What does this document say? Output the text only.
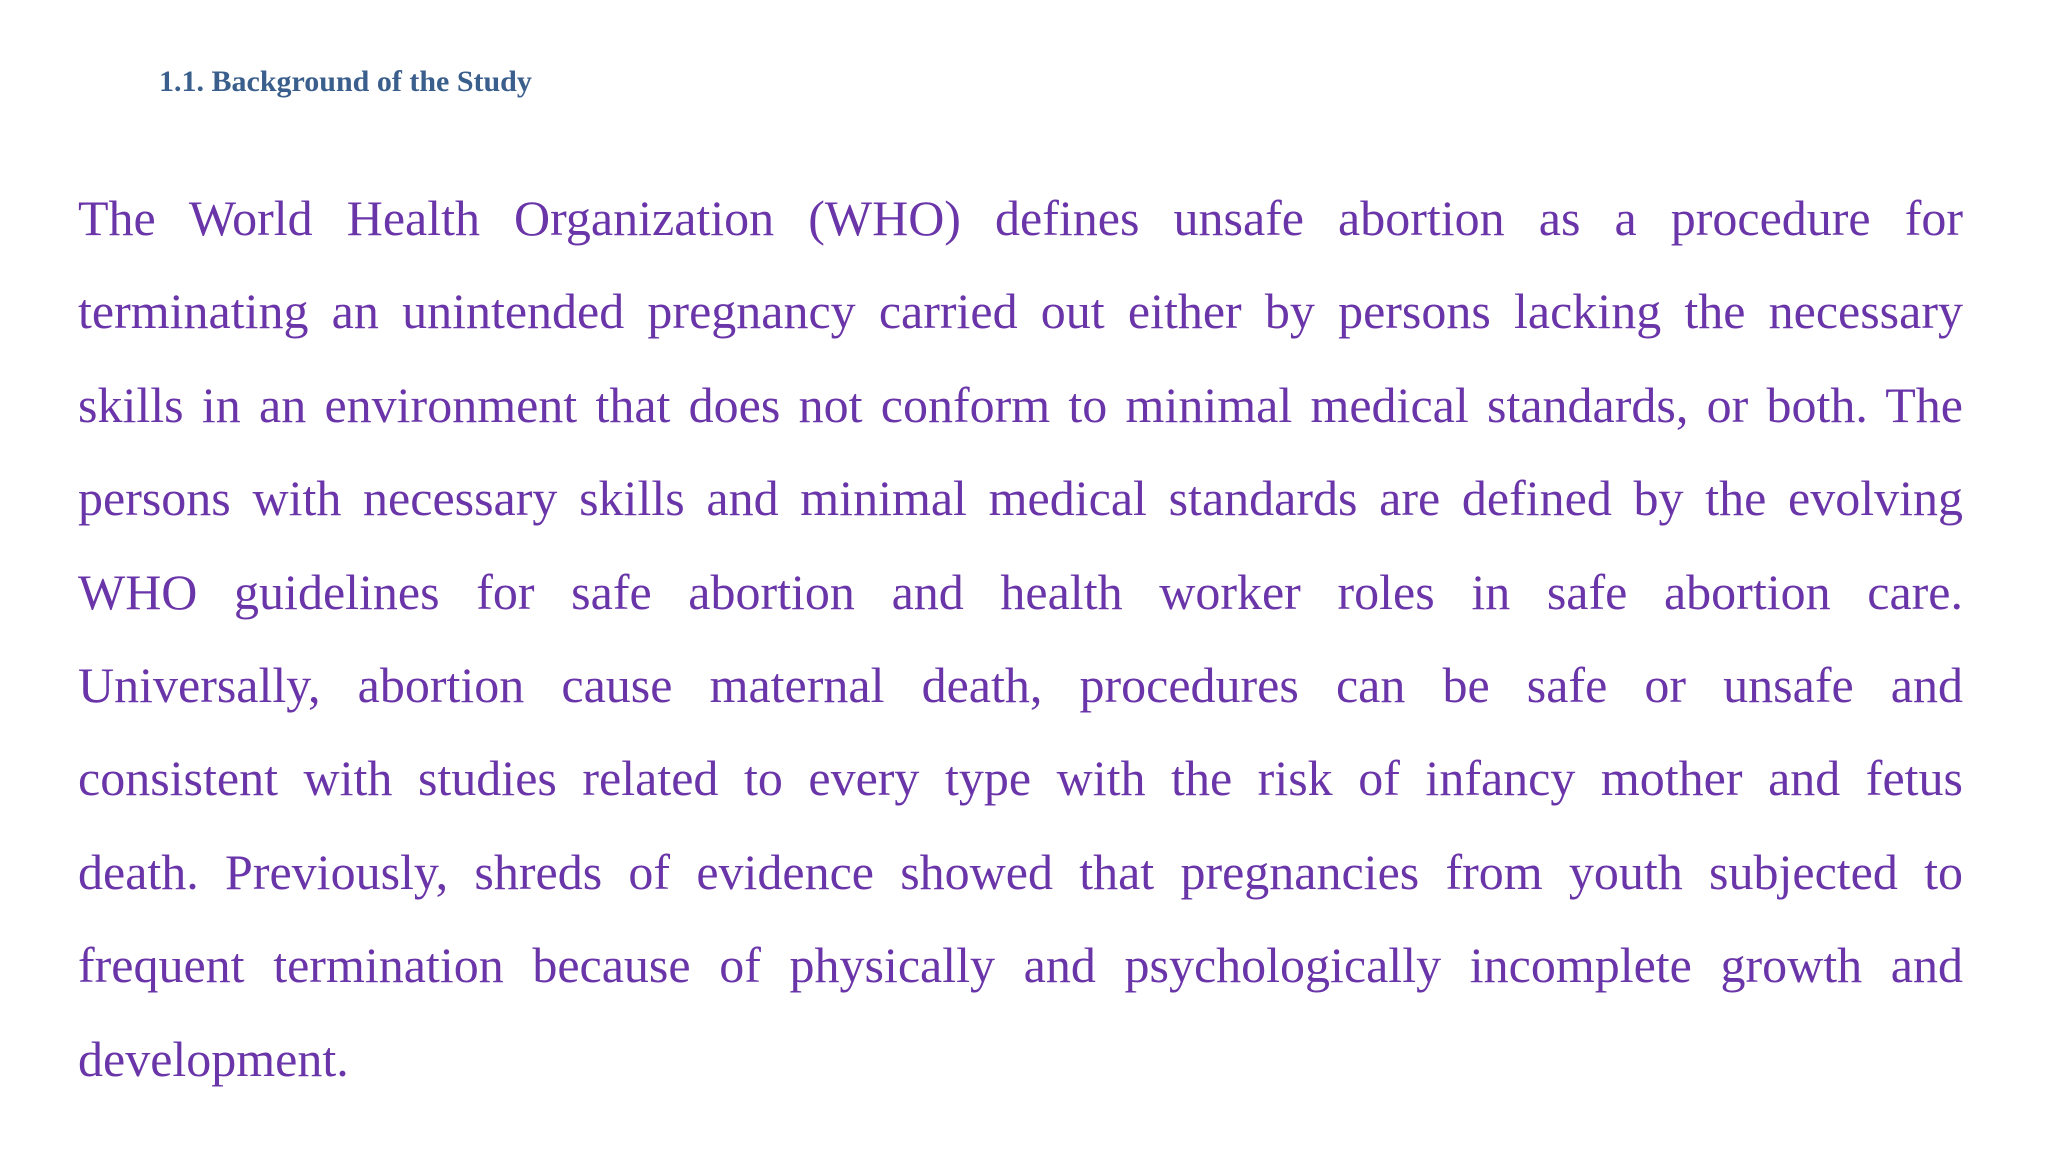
1.1. Background of the Study
The World Health Organization (WHO) defines unsafe abortion as a procedure for
terminating an unintended pregnancy carried out either by persons lacking the necessary
skills in an environment that does not conform to minimal medical standards, or both. The
persons with necessary skills and minimal medical standards are defined by the evolving
WHO guidelines for safe abortion and health worker roles in safe abortion care.
Universally, abortion cause maternal death, procedures can be safe or unsafe and
consistent with studies related to every type with the risk of infancy mother and fetus
death. Previously, shreds of evidence showed that pregnancies from youth subjected to
frequent termination because of physically and psychologically incomplete growth and
development.
